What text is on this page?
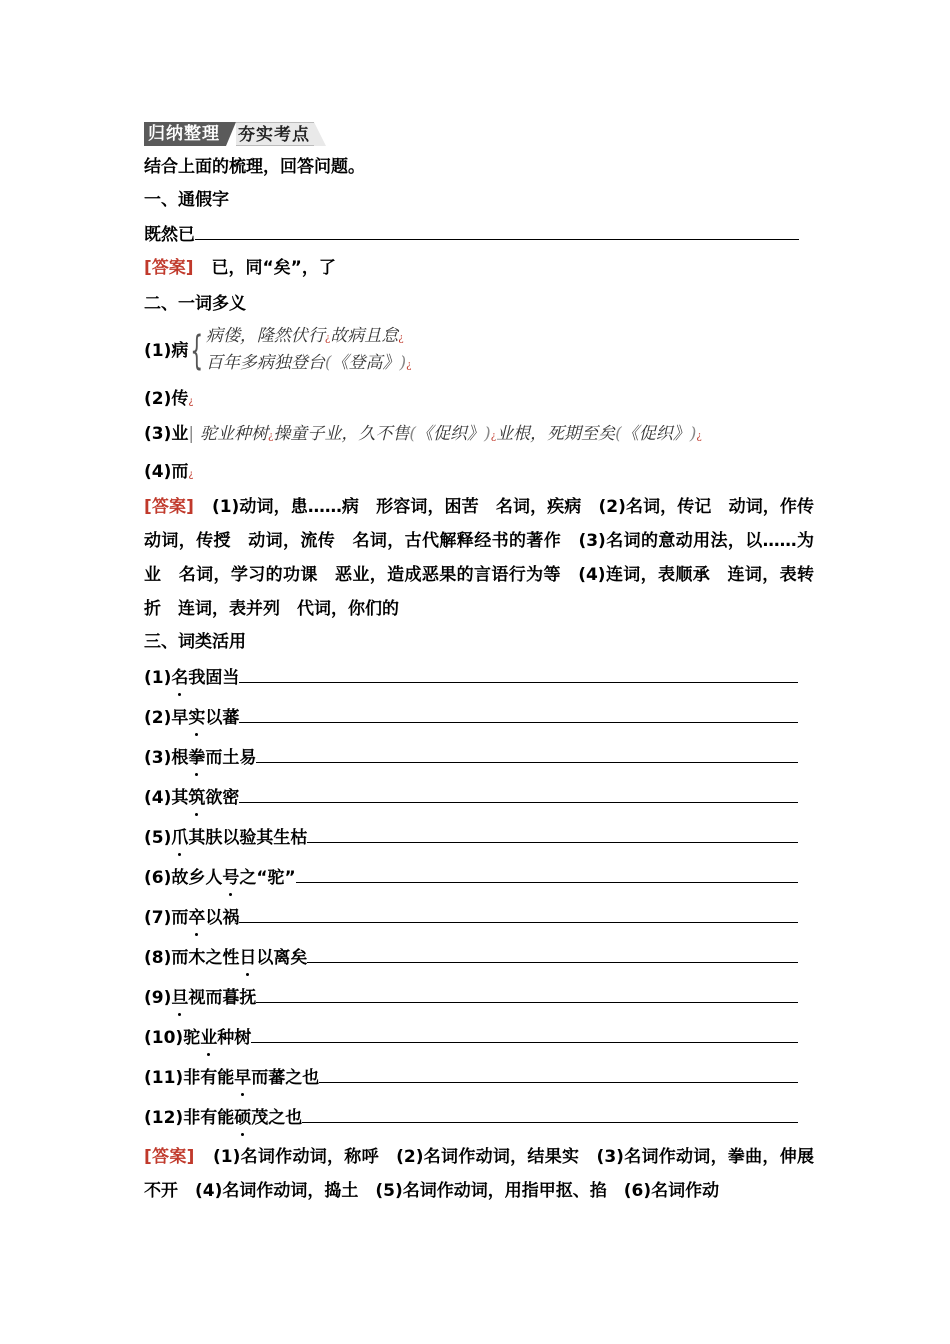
归纳整理	夯实考点
结合上面的梳理，回答问题。
一、通假字
既然已
[答案] 已，同“矣”，了
二、一词多义
(1)病{ 病偻，隆然伏行¿故病且怠¿
百年多病独登台(《登高》)¿
(2)传¿
(3)业| 驼业种树¿操童子业，久不售(《促织》)¿业根，死期至矣(《促织》)¿
(4)而¿
[答案] (1)动词，患……病　形容词，困苦　名词，疾病　(2)名词，传记　动词，作传　动词，传授　动词，流传　名词，古代解释经书的著作　(3)名词的意动用法，以……为业　名词，学习的功课　恶业，造成恶果的言语行为等　(4)连词，表顺承　连词，表转折　连词，表并列　代词，你们的
三、词类活用
(1)名我固当
(2)早实以蕃
(3)根拳而土易
(4)其筑欲密
(5)爪其肤以验其生枯
(6)故乡人号之“驼”
(7)而卒以祸
(8)而木之性日以离矣
(9)旦视而暮抚
(10)驼业种树
(11)非有能早而蕃之也
(12)非有能硕茂之也
[答案] (1)名词作动词，称呼　(2)名词作动词，结果实　(3)名词作动词，拳曲，伸展不开　(4)名词作动词，捣土　(5)名词作动词，用指甲抠、掐　(6)名词作动
